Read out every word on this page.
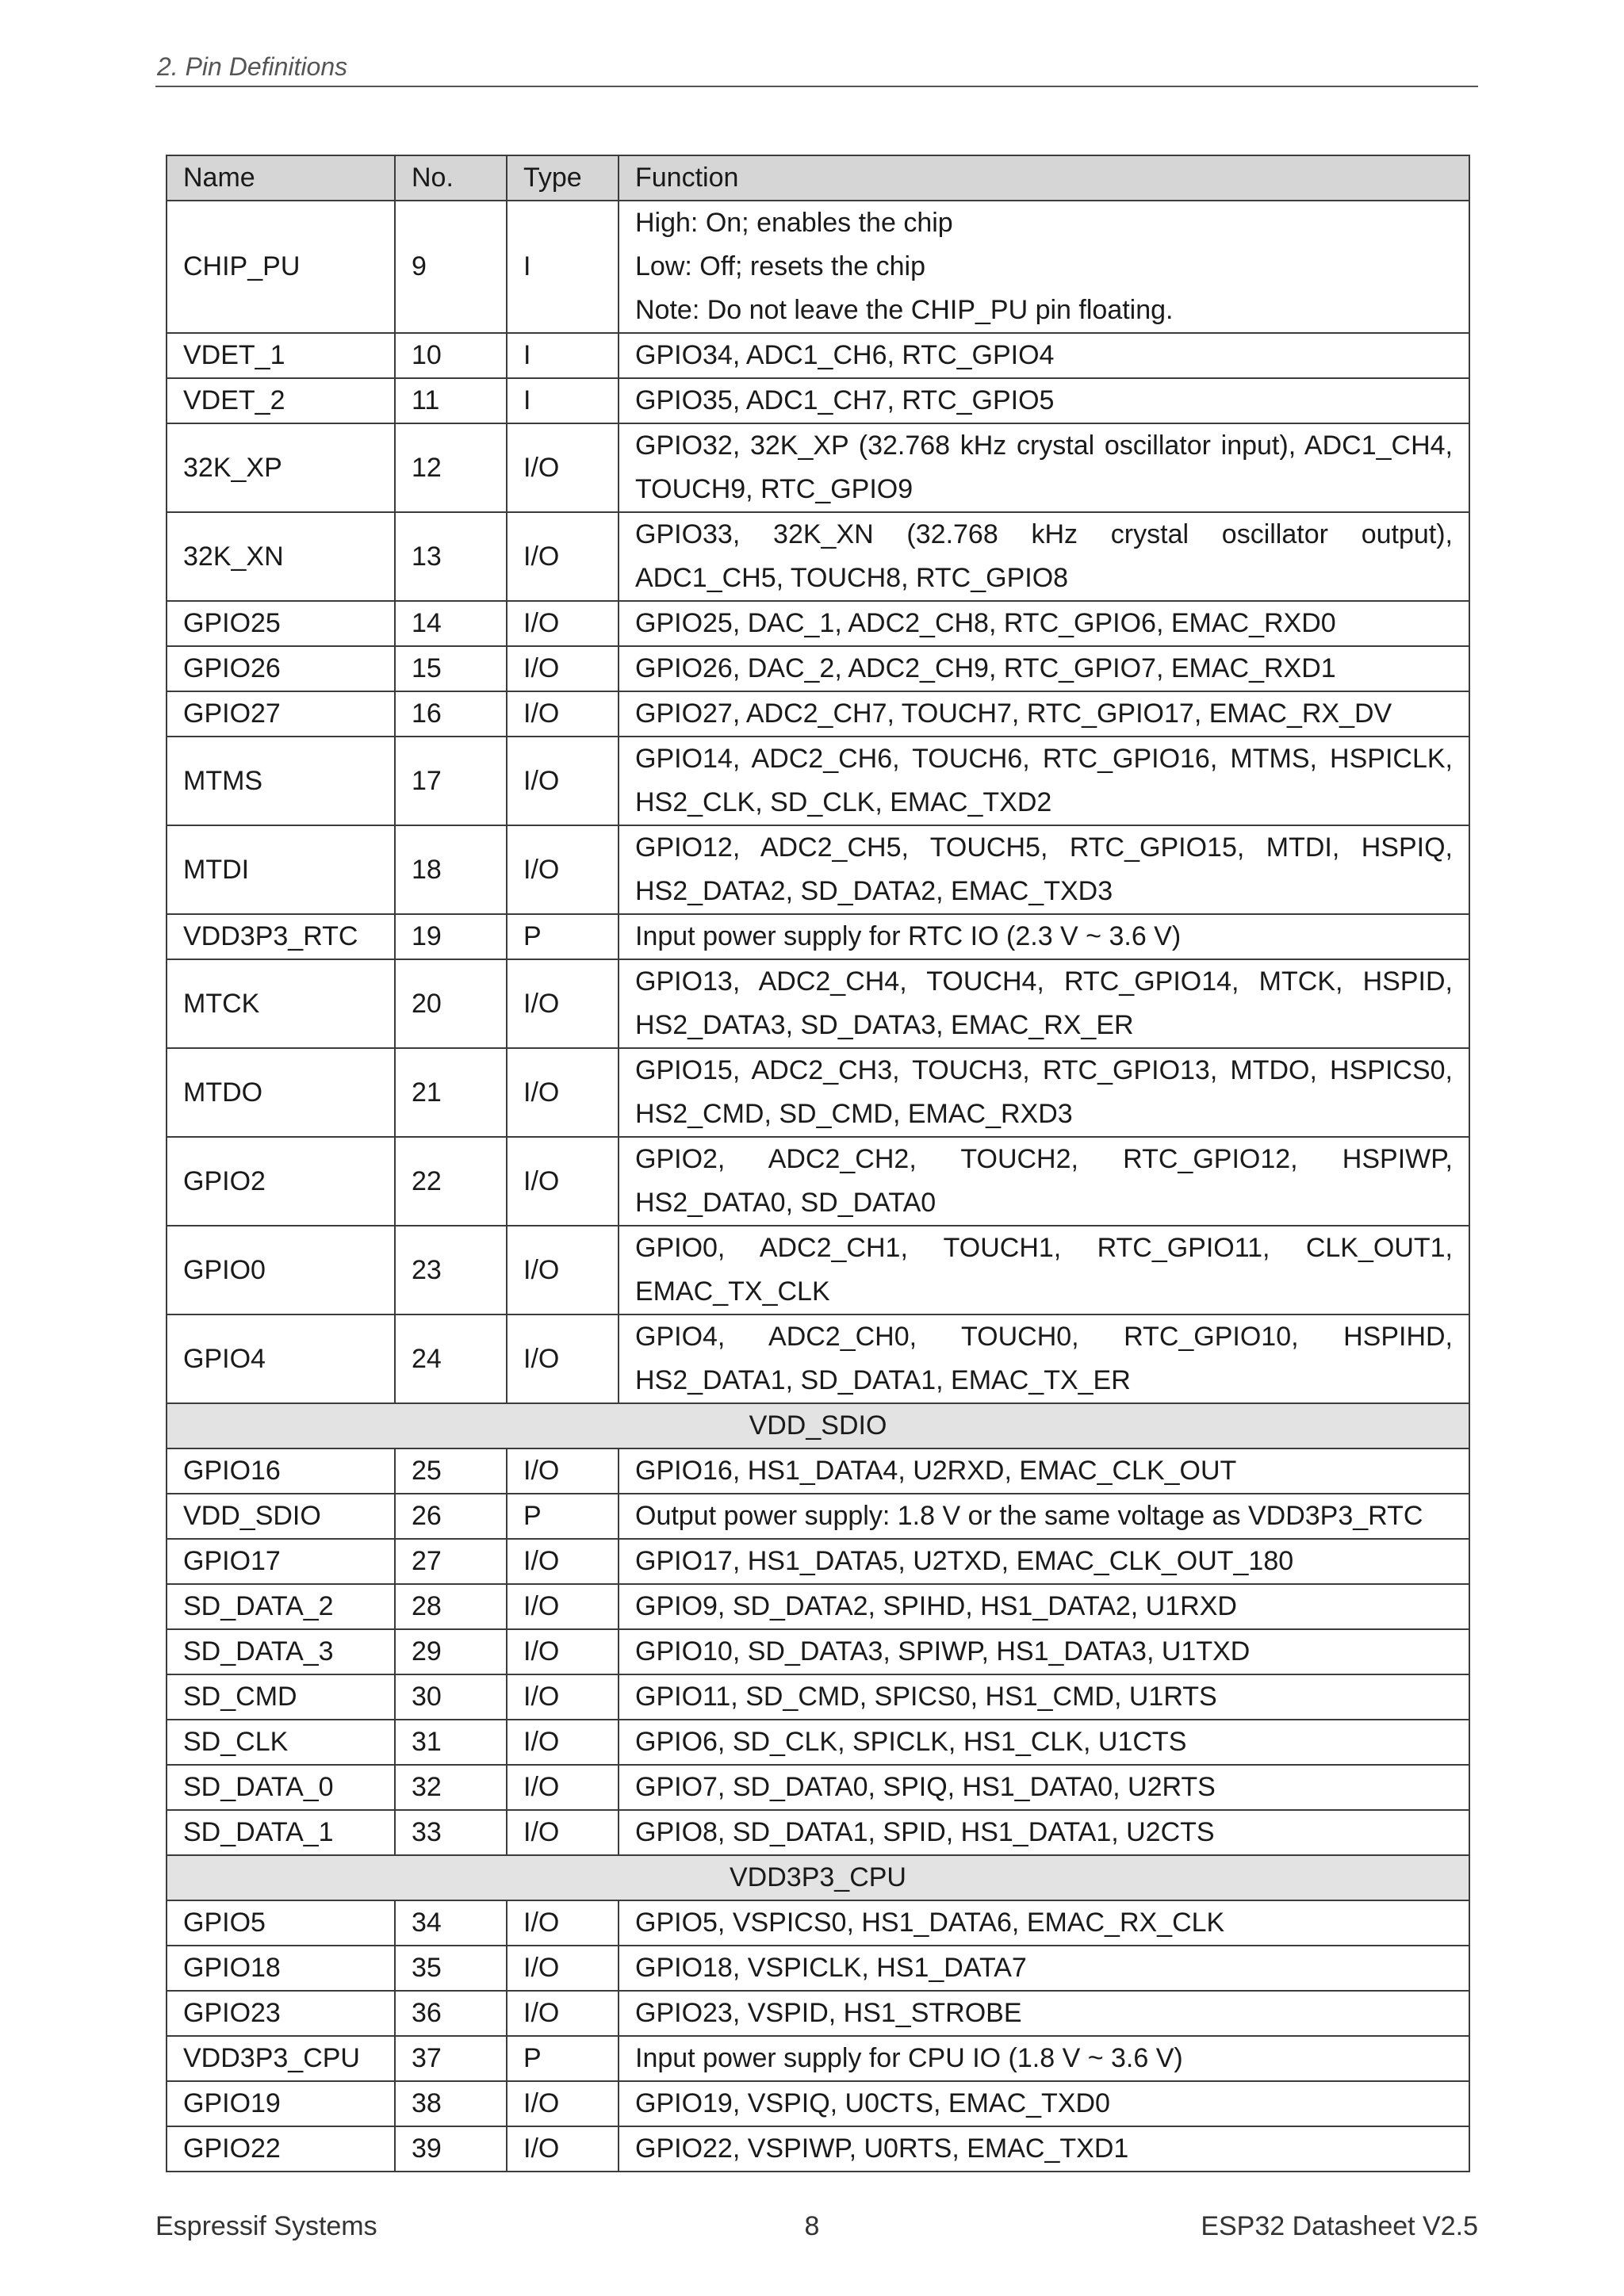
2. Pin Definitions
Name	No.	Type	Function
CHIP_PU	9	I	High: On; enables the chip
Low: Off; resets the chip
Note: Do not leave the CHIP_PU pin floating.

VDET_1	10	I	GPIO34, ADC1_CH6, RTC_GPIO4

VDET_2	11	I	GPIO35, ADC1_CH7, RTC_GPIO5

32K_XP	12	I/O	GPIO32, 32K_XP (32.768 kHz crystal oscillator input), ADC1_CH4, TOUCH9, RTC_GPIO9

32K_XN	13	I/O	GPIO33, 32K_XN (32.768 kHz crystal oscillator output), ADC1_CH5, TOUCH8, RTC_GPIO8

GPIO25	14	I/O	GPIO25, DAC_1, ADC2_CH8, RTC_GPIO6, EMAC_RXD0

GPIO26	15	I/O	GPIO26, DAC_2, ADC2_CH9, RTC_GPIO7, EMAC_RXD1

GPIO27	16	I/O	GPIO27, ADC2_CH7, TOUCH7, RTC_GPIO17, EMAC_RX_DV

MTMS	17	I/O	GPIO14, ADC2_CH6, TOUCH6, RTC_GPIO16, MTMS, HSPICLK, HS2_CLK, SD_CLK, EMAC_TXD2

MTDI	18	I/O	GPIO12, ADC2_CH5, TOUCH5, RTC_GPIO15, MTDI, HSPIQ, HS2_DATA2, SD_DATA2, EMAC_TXD3

VDD3P3_RTC	19	P	Input power supply for RTC IO (2.3 V ~ 3.6 V)

MTCK	20	I/O	GPIO13, ADC2_CH4, TOUCH4, RTC_GPIO14, MTCK, HSPID, HS2_DATA3, SD_DATA3, EMAC_RX_ER

MTDO	21	I/O	GPIO15, ADC2_CH3, TOUCH3, RTC_GPIO13, MTDO, HSPICS0, HS2_CMD, SD_CMD, EMAC_RXD3

GPIO2	22	I/O	GPIO2, ADC2_CH2, TOUCH2, RTC_GPIO12, HSPIWP, HS2_DATA0, SD_DATA0

GPIO0	23	I/O	GPIO0, ADC2_CH1, TOUCH1, RTC_GPIO11, CLK_OUT1, EMAC_TX_CLK

GPIO4	24	I/O	GPIO4, ADC2_CH0, TOUCH0, RTC_GPIO10, HSPIHD, HS2_DATA1, SD_DATA1, EMAC_TX_ER

VDD_SDIO			
GPIO16	25	I/O	GPIO16, HS1_DATA4, U2RXD, EMAC_CLK_OUT

VDD_SDIO	26	P	Output power supply: 1.8 V or the same voltage as VDD3P3_RTC

GPIO17	27	I/O	GPIO17, HS1_DATA5, U2TXD, EMAC_CLK_OUT_180

SD_DATA_2	28	I/O	GPIO9, SD_DATA2, SPIHD, HS1_DATA2, U1RXD

SD_DATA_3	29	I/O	GPIO10, SD_DATA3, SPIWP, HS1_DATA3, U1TXD

SD_CMD	30	I/O	GPIO11, SD_CMD, SPICS0, HS1_CMD, U1RTS

SD_CLK	31	I/O	GPIO6, SD_CLK, SPICLK, HS1_CLK, U1CTS

SD_DATA_0	32	I/O	GPIO7, SD_DATA0, SPIQ, HS1_DATA0, U2RTS

SD_DATA_1	33	I/O	GPIO8, SD_DATA1, SPID, HS1_DATA1, U2CTS

VDD3P3_CPU			
GPIO5	34	I/O	GPIO5, VSPICS0, HS1_DATA6, EMAC_RX_CLK

GPIO18	35	I/O	GPIO18, VSPICLK, HS1_DATA7

GPIO23	36	I/O	GPIO23, VSPID, HS1_STROBE

VDD3P3_CPU	37	P	Input power supply for CPU IO (1.8 V ~ 3.6 V)

GPIO19	38	I/O	GPIO19, VSPIQ, U0CTS, EMAC_TXD0

GPIO22	39	I/O	GPIO22, VSPIWP, U0RTS, EMAC_TXD1
Espressif Systems	8	ESP32 Datasheet V2.5
